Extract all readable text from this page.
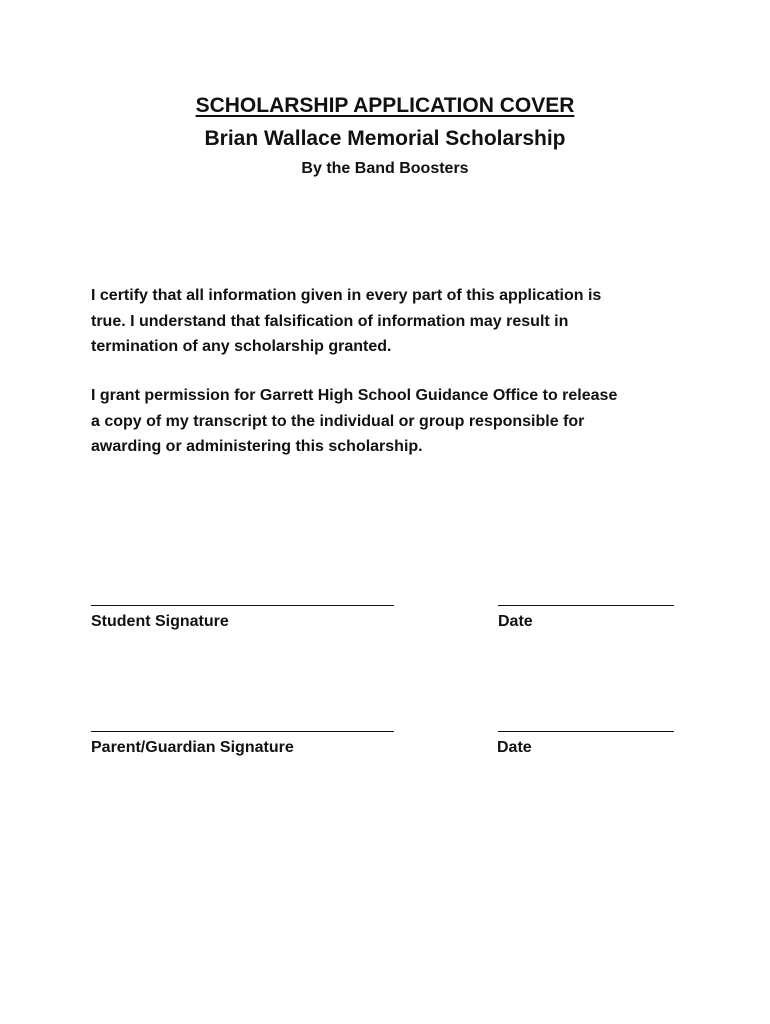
SCHOLARSHIP APPLICATION COVER
Brian Wallace Memorial Scholarship
By the Band Boosters
I certify that all information given in every part of this application is
true. I understand that falsification of information may result in
termination of any scholarship granted.
I grant permission for Garrett High School Guidance Office to release
a copy of my transcript to the individual or group responsible for
awarding or administering this scholarship.
Student Signature	Date
Parent/Guardian Signature	Date
